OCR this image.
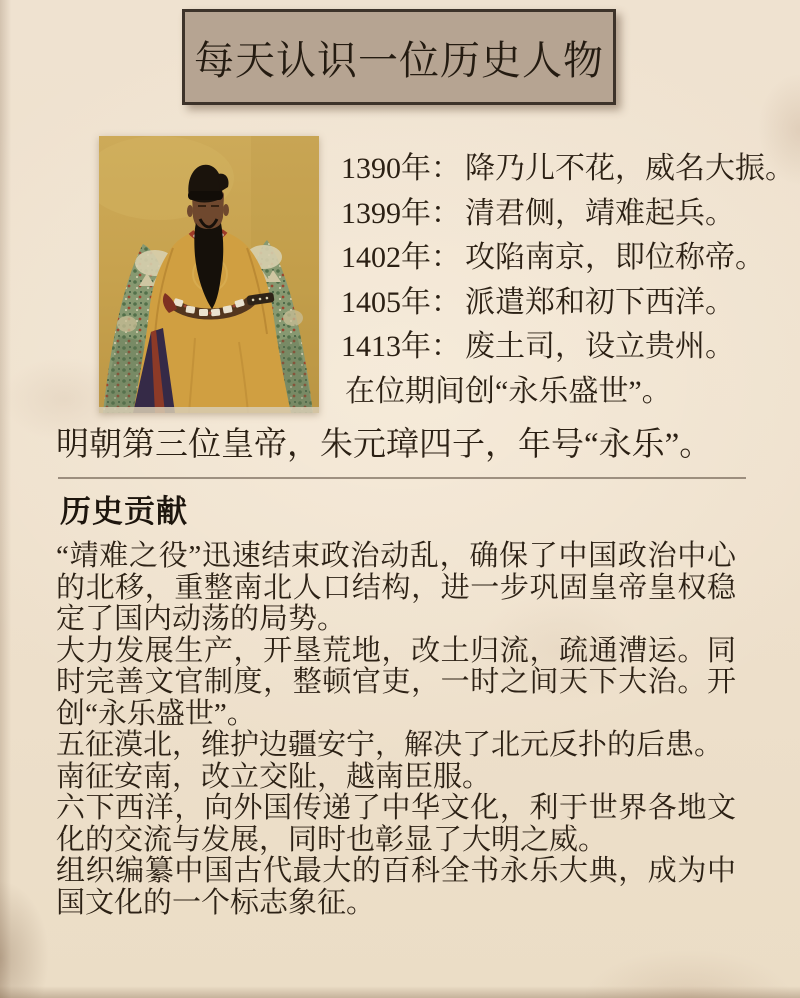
每天认识一位历史人物
1390年： 降乃儿不花，威名大振。
1399年： 清君侧，靖难起兵。
1402年： 攻陷南京，即位称帝。
1405年： 派遣郑和初下西洋。
1413年： 废土司，设立贵州。
在位期间创“永乐盛世”。
明朝第三位皇帝，朱元璋四子，年号“永乐”。
历史贡献

“靖难之役”迅速结束政治动乱，确保了中国政治中心的北移，重整南北人口结构，进一步巩固皇帝皇权稳定了国内动荡的局势。

大力发展生产，开垦荒地，改土归流，疏通漕运。同时完善文官制度，整顿官吏，一时之间天下大治。开创“永乐盛世”。

五征漠北，维护边疆安宁，解决了北元反扑的后患。

南征安南，改立交阯，越南臣服。

六下西洋，向外国传递了中华文化，利于世界各地文化的交流与发展，同时也彰显了大明之威。

组织编纂中国古代最大的百科全书永乐大典，成为中国文化的一个标志象征。
